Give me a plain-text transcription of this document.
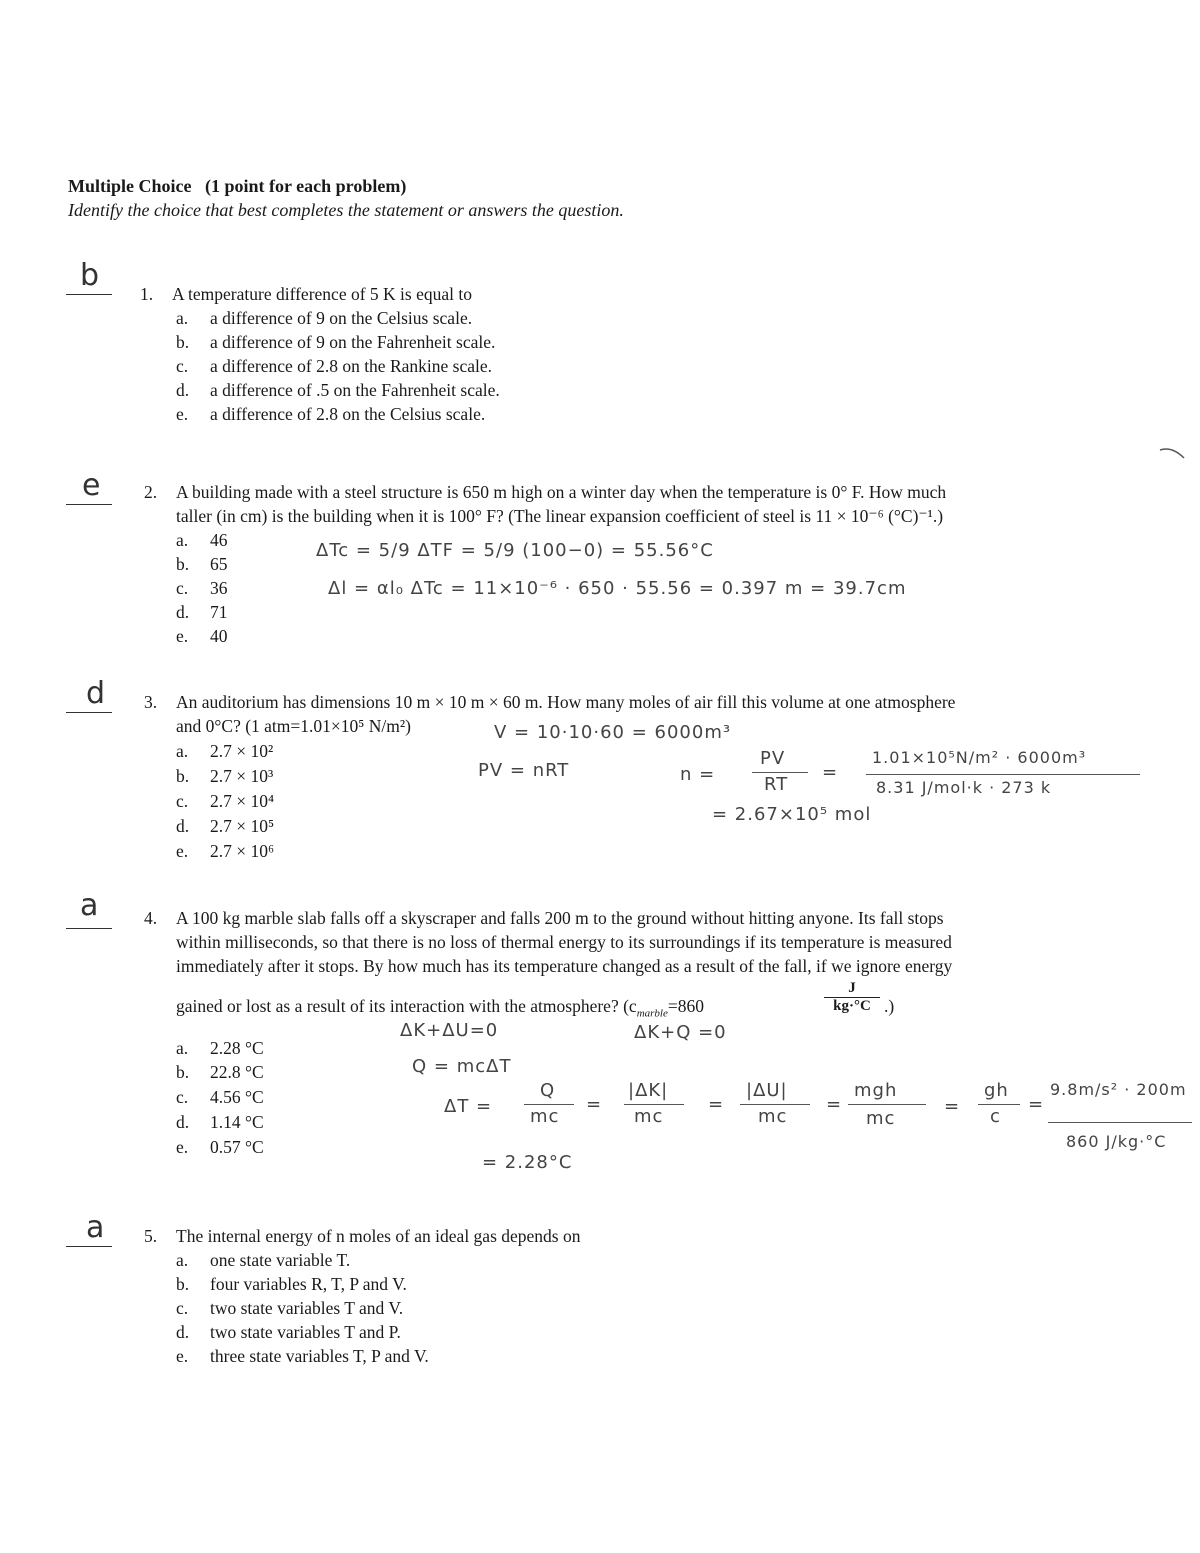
Multiple Choice (1 point for each problem)
Identify the choice that best completes the statement or answers the question.
b
1. A temperature difference of 5 K is equal to
a. a difference of 9 on the Celsius scale.
b. a difference of 9 on the Fahrenheit scale.
c. a difference of 2.8 on the Rankine scale.
d. a difference of .5 on the Fahrenheit scale.
e. a difference of 2.8 on the Celsius scale.
e 2. A building made with a steel structure is 650 m high on a winter day when the temperature is 0° F. How much
taller (in cm) is the building when it is 100° F? (The linear expansion coefficient of steel is 11 × 10⁻⁶ (°C)⁻¹.)
a. 46
b. 65
c. 36
d. 71
e. 40
ΔTc = 5/9 ΔTF = 5/9 (100−0) = 55.56°C
Δl = αl₀ ΔTc = 11×10⁻⁶ · 650 · 55.56 = 0.397 m = 39.7cm
d 3. An auditorium has dimensions 10 m × 10 m × 60 m. How many moles of air fill this volume at one atmosphere
and 0°C? (1 atm=1.01×10⁵ N/m²)
a. 2.7 × 10²
b. 2.7 × 10³
c. 2.7 × 10⁴
d. 2.7 × 10⁵
e. 2.7 × 10⁶
V = 10·10·60 = 6000m³
PV = nRT	n =
PV
RT
=
1.01×10⁵N/m² · 6000m³
8.31 J/mol·k · 273 k
= 2.67×10⁵ mol
a	4. A 100 kg marble slab falls off a skyscraper and falls 200 m to the ground without hitting anyone. Its fall stops
within milliseconds, so that there is no loss of thermal energy to its surroundings if its temperature is measured
immediately after it stops. By how much has its temperature changed as a result of the fall, if we ignore energy
gained or lost as a result of its interaction with the atmosphere? ($c_{marble}=860$
J
kg·°C .)
a. 2.28 °C
b. 22.8 °C
c. 4.56 °C
d. 1.14 °C
e. 0.57 °C
ΔK+ΔU=0	ΔK+Q =0
Q = mcΔT
ΔT =
Q
mc
=
|ΔK|
mc
=
|ΔU|
mc
=
mgh
mc
=
gh
c
=
9.8m/s² · 200m
860 J/kg·°C
= 2.28°C
a 5. The internal energy of n moles of an ideal gas depends on
a. one state variable T.
b. four variables R, T, P and V.
c. two state variables T and V.
d. two state variables T and P.
e. three state variables T, P and V.
